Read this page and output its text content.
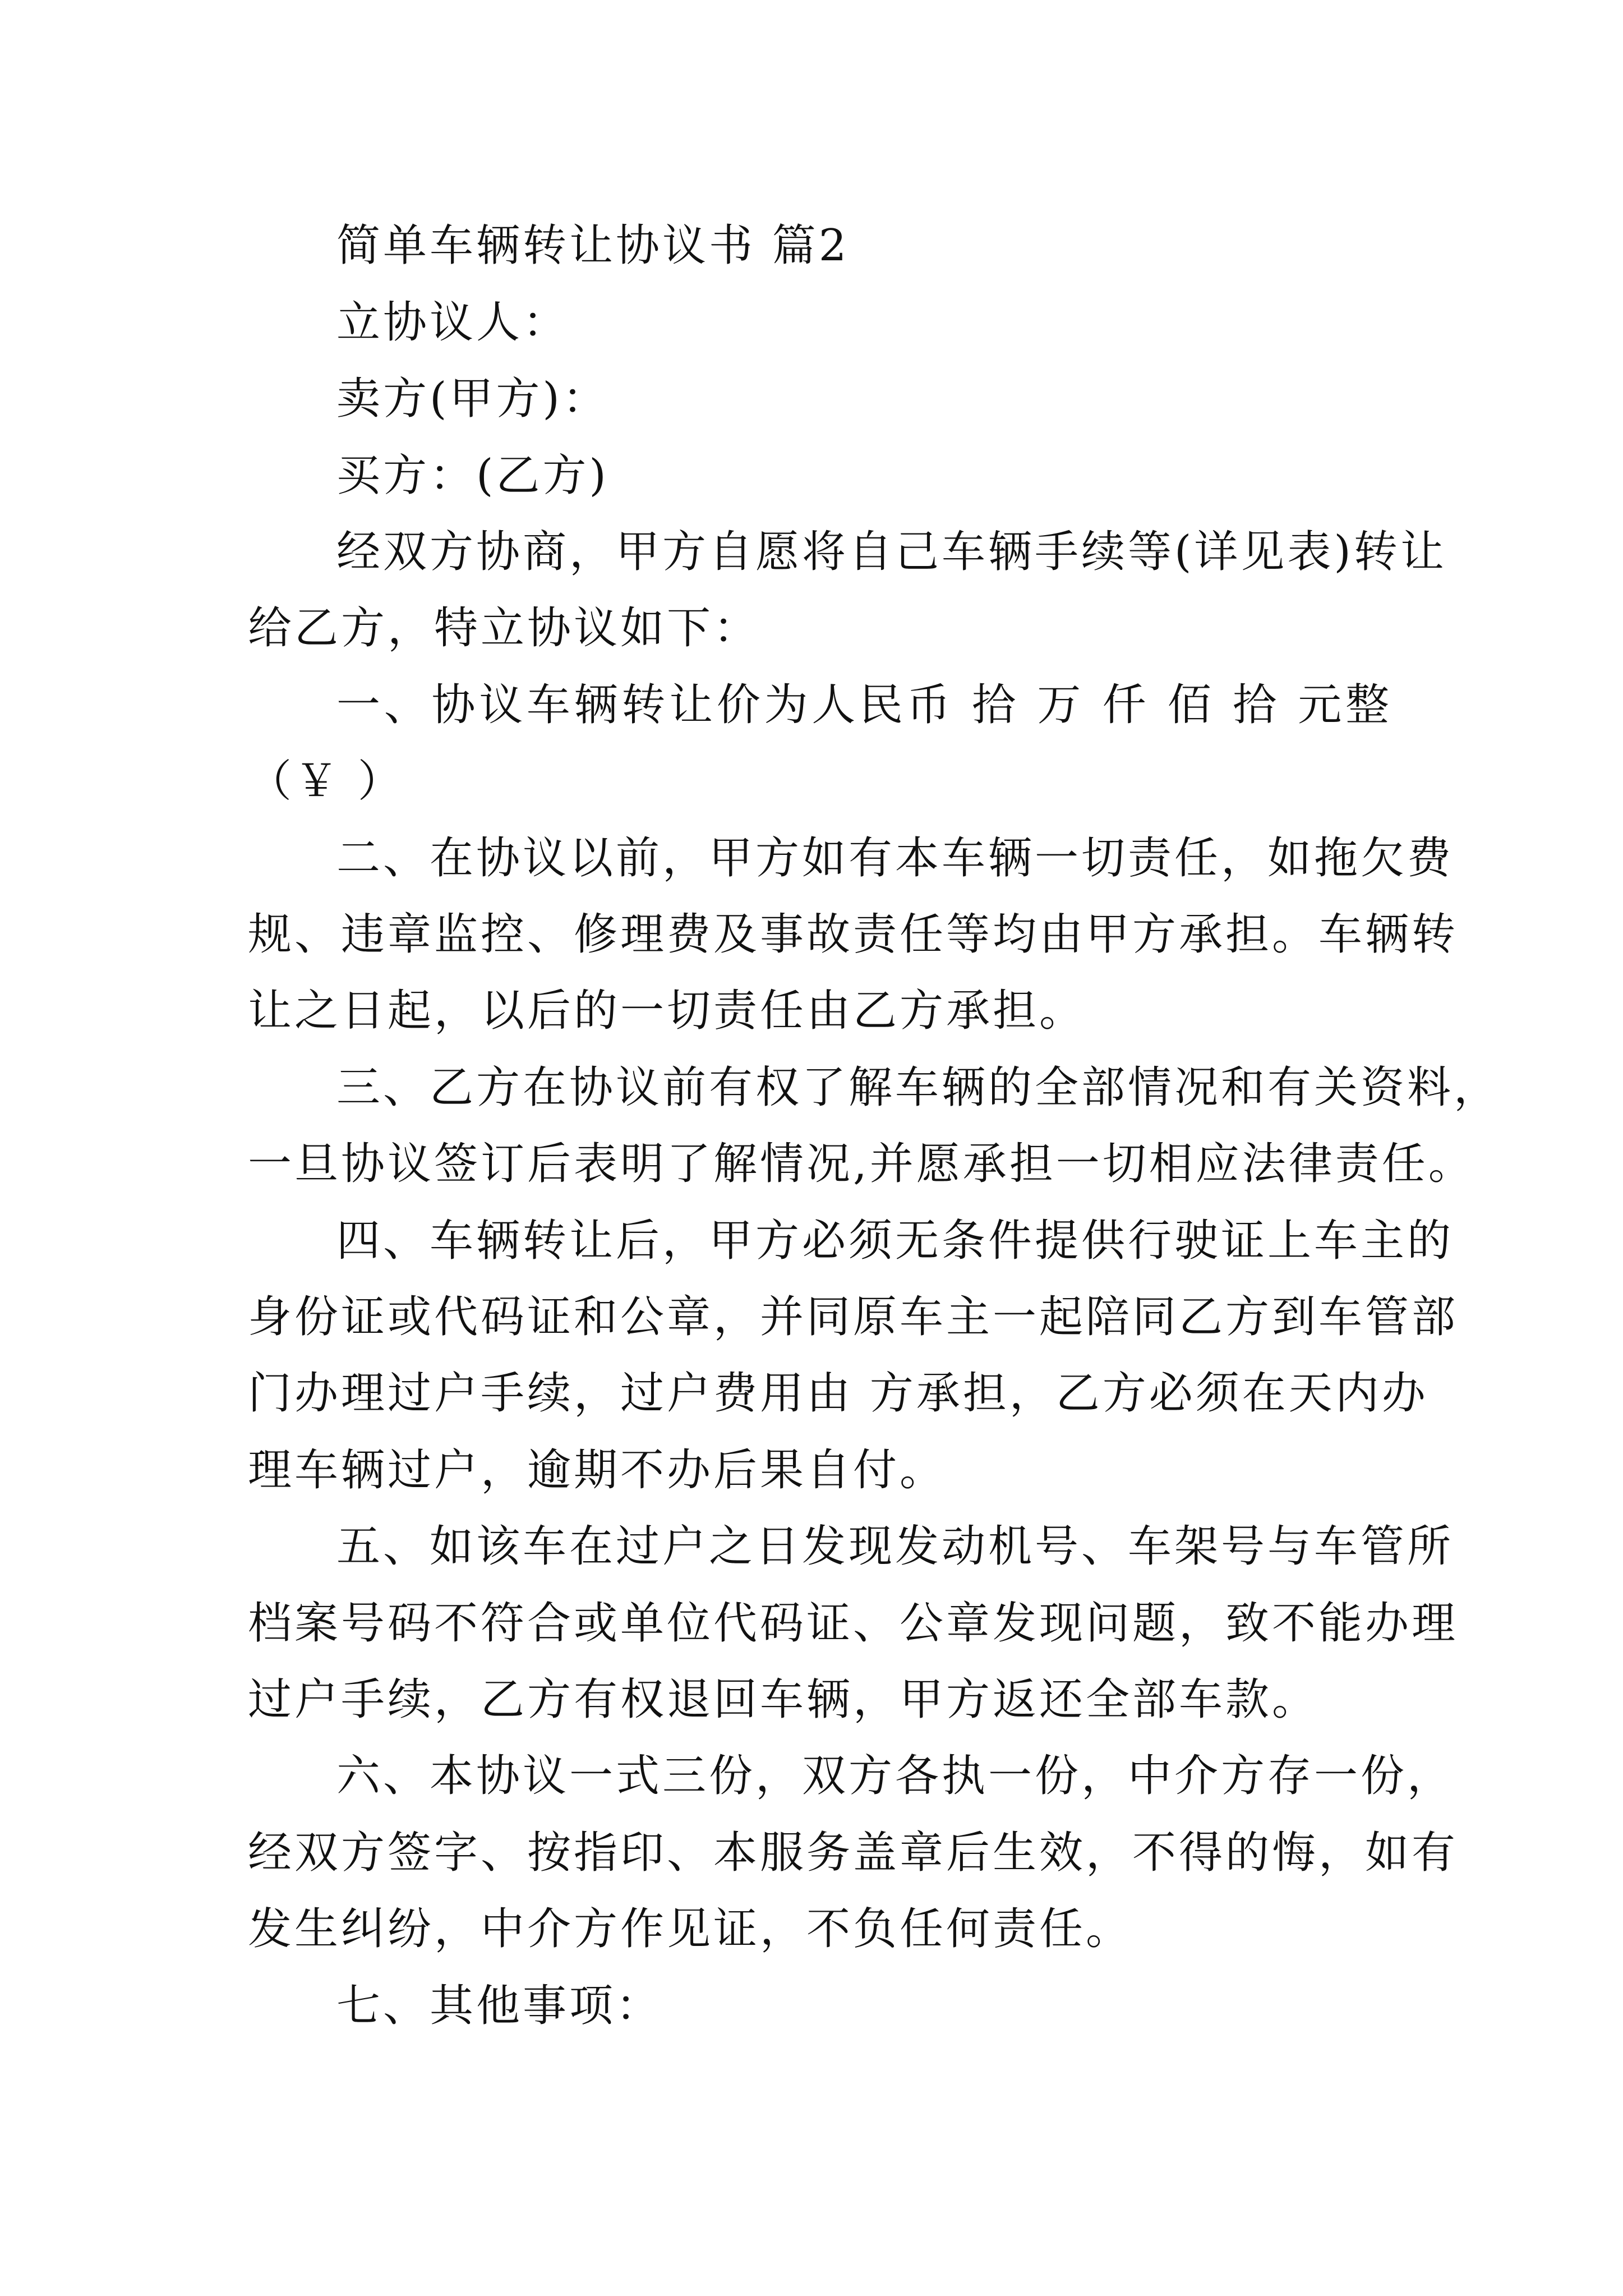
简单车辆转让协议书 篇2
立协议人：
卖方(甲方)：
买方：(乙方)
经双方协商，甲方自愿将自己车辆手续等(详见表)转让
给乙方，特立协议如下：
一、协议车辆转让价为人民币 拾 万 仟 佰 拾 元整
（￥ ）
二、在协议以前，甲方如有本车辆一切责任，如拖欠费
规、违章监控、修理费及事故责任等均由甲方承担。车辆转
让之日起，以后的一切责任由乙方承担。
三、乙方在协议前有权了解车辆的全部情况和有关资料，
一旦协议签订后表明了解情况,并愿承担一切相应法律责任。
四、车辆转让后，甲方必须无条件提供行驶证上车主的
身份证或代码证和公章，并同原车主一起陪同乙方到车管部
门办理过户手续，过户费用由 方承担，乙方必须在天内办
理车辆过户，逾期不办后果自付。
五、如该车在过户之日发现发动机号、车架号与车管所
档案号码不符合或单位代码证、公章发现问题，致不能办理
过户手续，乙方有权退回车辆，甲方返还全部车款。
六、本协议一式三份，双方各执一份，中介方存一份，
经双方签字、按指印、本服务盖章后生效，不得的悔，如有
发生纠纷，中介方作见证，不负任何责任。
七、其他事项：
